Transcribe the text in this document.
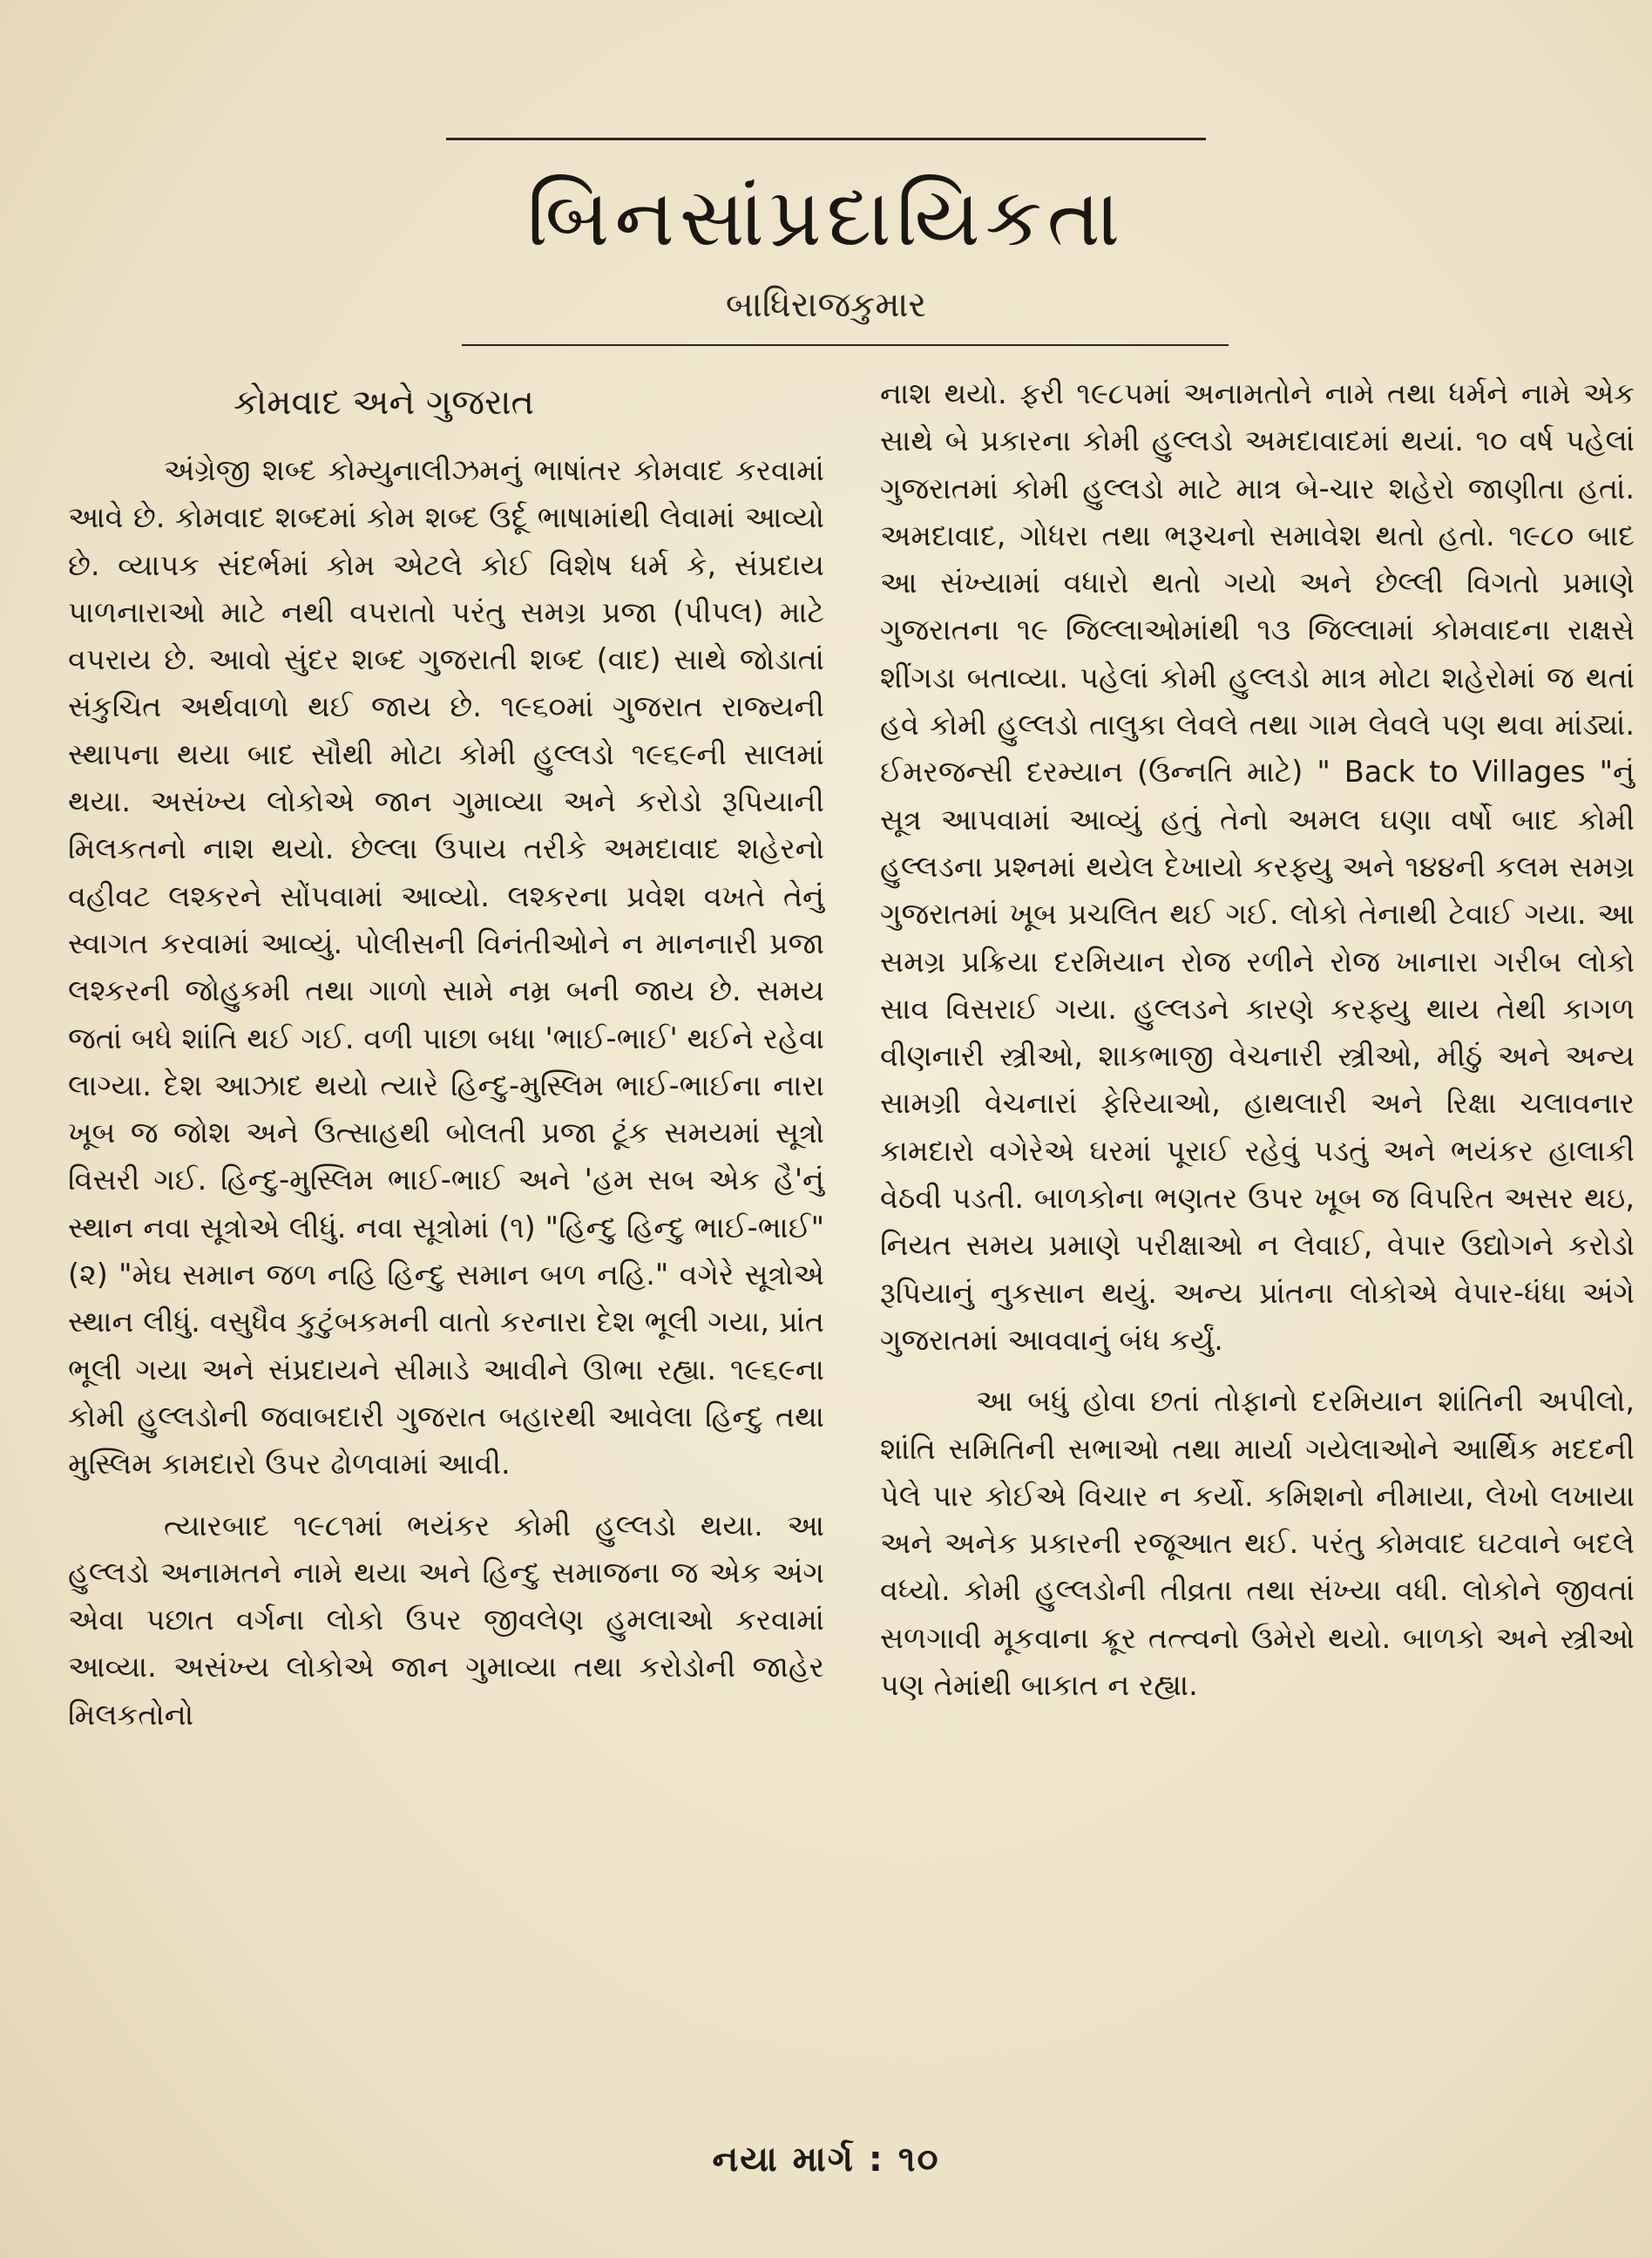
બિનસાંપ્રદાયિકતા
બાધિરાજકુમાર
કોમવાદ અને ગુજરાત

અંગ્રેજી શબ્દ કોમ્યુનાલીઝમનું ભાષાંતર કોમવાદ કરવામાં આવે છે. કોમવાદ શબ્દમાં કોમ શબ્દ ઉર્દૂ ભાષામાંથી લેવામાં આવ્યો છે. વ્યાપક સંદર્ભમાં કોમ એટલે કોઈ વિશેષ ધર્મ કે, સંપ્રદાય પાળનારાઓ માટે નથી વપરાતો પરંતુ સમગ્ર પ્રજા (પીપલ) માટે વપરાય છે. આવો સુંદર શબ્દ ગુજરાતી શબ્દ (વાદ) સાથે જોડાતાં સંકુચિત અર્થવાળો થઈ જાય છે. ૧૯૬૦માં ગુજરાત રાજ્યની સ્થાપના થયા બાદ સૌથી મોટા કોમી હુલ્લડો ૧૯૬૯ની સાલમાં થયા. અસંખ્ય લોકોએ જાન ગુમાવ્યા અને કરોડો રૂપિયાની મિલકતનો નાશ થયો. છેલ્લા ઉપાય તરીકે અમદાવાદ શહેરનો વહીવટ લશ્કરને સોંપવામાં આવ્યો. લશ્કરના પ્રવેશ વખતે તેનું સ્વાગત કરવામાં આવ્યું. પોલીસની વિનંતીઓને ન માનનારી પ્રજા લશ્કરની જોહુકમી તથા ગાળો સામે નમ્ર બની જાય છે. સમય જતાં બધે શાંતિ થઈ ગઈ. વળી પાછા બધા 'ભાઈ-ભાઈ' થઈને રહેવા લાગ્યા. દેશ આઝાદ થયો ત્યારે હિન્દુ-મુસ્લિમ ભાઈ-ભાઈના નારા ખૂબ જ જોશ અને ઉત્સાહથી બોલતી પ્રજા ટૂંક સમયમાં સૂત્રો વિસરી ગઈ. હિન્દુ-મુસ્લિમ ભાઈ-ભાઈ અને 'હમ સબ એક હૈ'નું સ્થાન નવા સૂત્રોએ લીધું. નવા સૂત્રોમાં (૧) "હિન્દુ હિન્દુ ભાઈ-ભાઈ" (૨) "મેઘ સમાન જળ નહિ હિન્દુ સમાન બળ નહિ." વગેરે સૂત્રોએ સ્થાન લીધું. વસુધૈવ કુટુંબકમની વાતો કરનારા દેશ ભૂલી ગયા, પ્રાંત ભૂલી ગયા અને સંપ્રદાયને સીમાડે આવીને ઊભા રહ્યા. ૧૯૬૯ના કોમી હુલ્લડોની જવાબદારી ગુજરાત બહારથી આવેલા હિન્દુ તથા મુસ્લિમ કામદારો ઉપર ઢોળવામાં આવી.

ત્યારબાદ ૧૯૮૧માં ભયંકર કોમી હુલ્લડો થયા. આ હુલ્લડો અનામતને નામે થયા અને હિન્દુ સમાજના જ એક અંગ એવા પછાત વર્ગના લોકો ઉપર જીવલેણ હુમલાઓ કરવામાં આવ્યા. અસંખ્ય લોકોએ જાન ગુમાવ્યા તથા કરોડોની જાહેર મિલકતોનો

નાશ થયો. ફરી ૧૯૮૫માં અનામતોને નામે તથા ધર્મને નામે એક સાથે બે પ્રકારના કોમી હુલ્લડો અમદાવાદમાં થયાં. ૧૦ વર્ષ પહેલાં ગુજરાતમાં કોમી હુલ્લડો માટે માત્ર બે-ચાર શહેરો જાણીતા હતાં. અમદાવાદ, ગોધરા તથા ભરૂચનો સમાવેશ થતો હતો. ૧૯૮૦ બાદ આ સંખ્યામાં વધારો થતો ગયો અને છેલ્લી વિગતો પ્રમાણે ગુજરાતના ૧૯ જિલ્લાઓમાંથી ૧૩ જિલ્લામાં કોમવાદના રાક્ષસે શીંગડા બતાવ્યા. પહેલાં કોમી હુલ્લડો માત્ર મોટા શહેરોમાં જ થતાં હવે કોમી હુલ્લડો તાલુકા લેવલે તથા ગામ લેવલે પણ થવા માંડ્યાં. ઈમરજન્સી દરમ્યાન (ઉન્નતિ માટે) " Back to Villages "નું સૂત્ર આપવામાં આવ્યું હતું તેનો અમલ ઘણા વર્ષો બાદ કોમી હુલ્લડના પ્રશ્નમાં થયેલ દેખાયો કરફ્યુ અને ૧૪૪ની કલમ સમગ્ર ગુજરાતમાં ખૂબ પ્રચલિત થઈ ગઈ. લોકો તેનાથી ટેવાઈ ગયા. આ સમગ્ર પ્રક્રિયા દરમિયાન રોજ રળીને રોજ ખાનારા ગરીબ લોકો સાવ વિસરાઈ ગયા. હુલ્લડને કારણે કરફ્યુ થાય તેથી કાગળ વીણનારી સ્ત્રીઓ, શાકભાજી વેચનારી સ્ત્રીઓ, મીઠું અને અન્ય સામગ્રી વેચનારાં ફેરિયાઓ, હાથલારી અને રિક્ષા ચલાવનાર કામદારો વગેરેએ ઘરમાં પૂરાઈ રહેવું પડતું અને ભયંકર હાલાકી વેઠવી પડતી. બાળકોના ભણતર ઉપર ખૂબ જ વિપરિત અસર થઇ, નિયત સમય પ્રમાણે પરીક્ષાઓ ન લેવાઈ, વેપાર ઉદ્યોગને કરોડો રૂપિયાનું નુકસાન થયું. અન્ય પ્રાંતના લોકોએ વેપાર-ધંધા અંગે ગુજરાતમાં આવવાનું બંધ કર્યું.

આ બધું હોવા છતાં તોફાનો દરમિયાન શાંતિની અપીલો, શાંતિ સમિતિની સભાઓ તથા માર્યા ગયેલાઓને આર્થિક મદદની પેલે પાર કોઈએ વિચાર ન કર્યો. કમિશનો નીમાયા, લેખો લખાયા અને અનેક પ્રકારની રજૂઆત થઈ. પરંતુ કોમવાદ ઘટવાને બદલે વધ્યો. કોમી હુલ્લડોની તીવ્રતા તથા સંખ્યા વધી. લોકોને જીવતાં સળગાવી મૂકવાના ક્રૂર તત્ત્વનો ઉમેરો થયો. બાળકો અને સ્ત્રીઓ પણ તેમાંથી બાકાત ન રહ્યા.

નયા માર્ગ : ૧૦
